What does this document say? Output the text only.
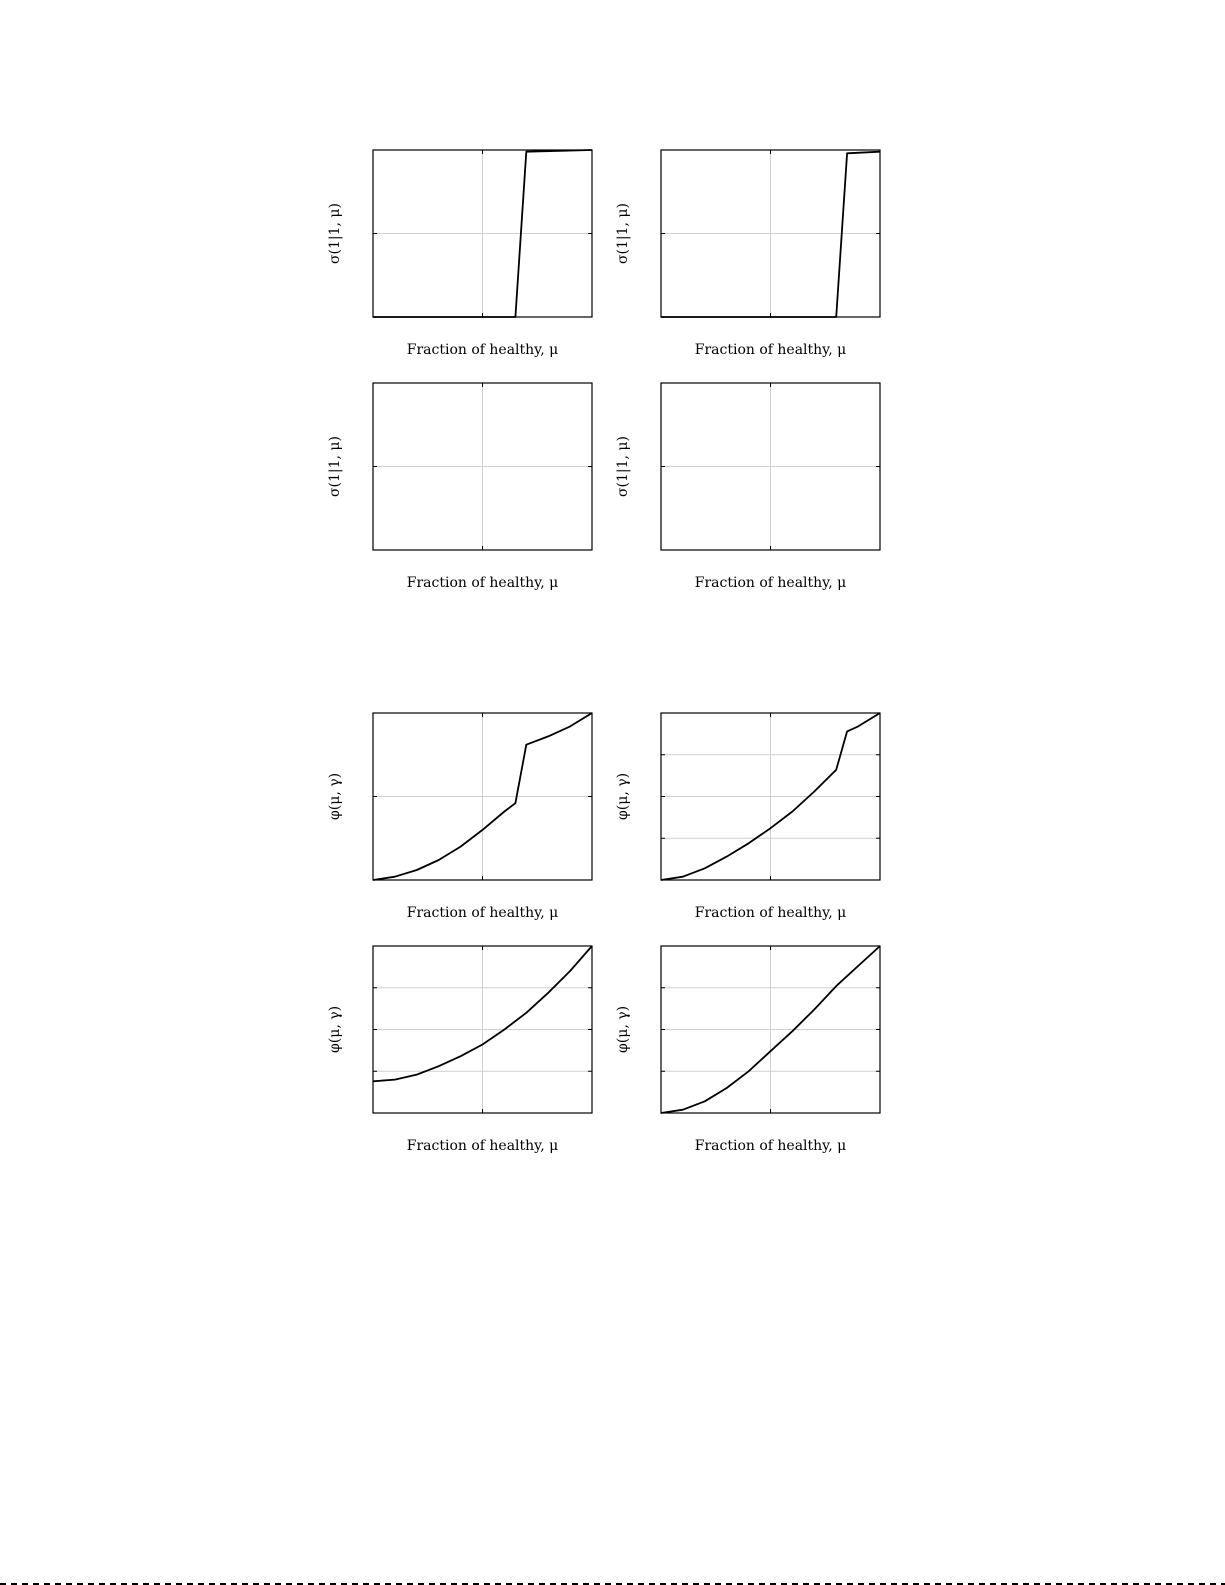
Fraction of healthy, μ
σ(1|1, μ)
Fraction of healthy, μ
σ(1|1, μ)
Fraction of healthy, μ
σ(1|1, μ)
Fraction of healthy, μ
σ(1|1, μ)
Fraction of healthy, μ
φ(μ, γ)
Fraction of healthy, μ
φ(μ, γ)
Fraction of healthy, μ
φ(μ, γ)
Fraction of healthy, μ
φ(μ, γ)
